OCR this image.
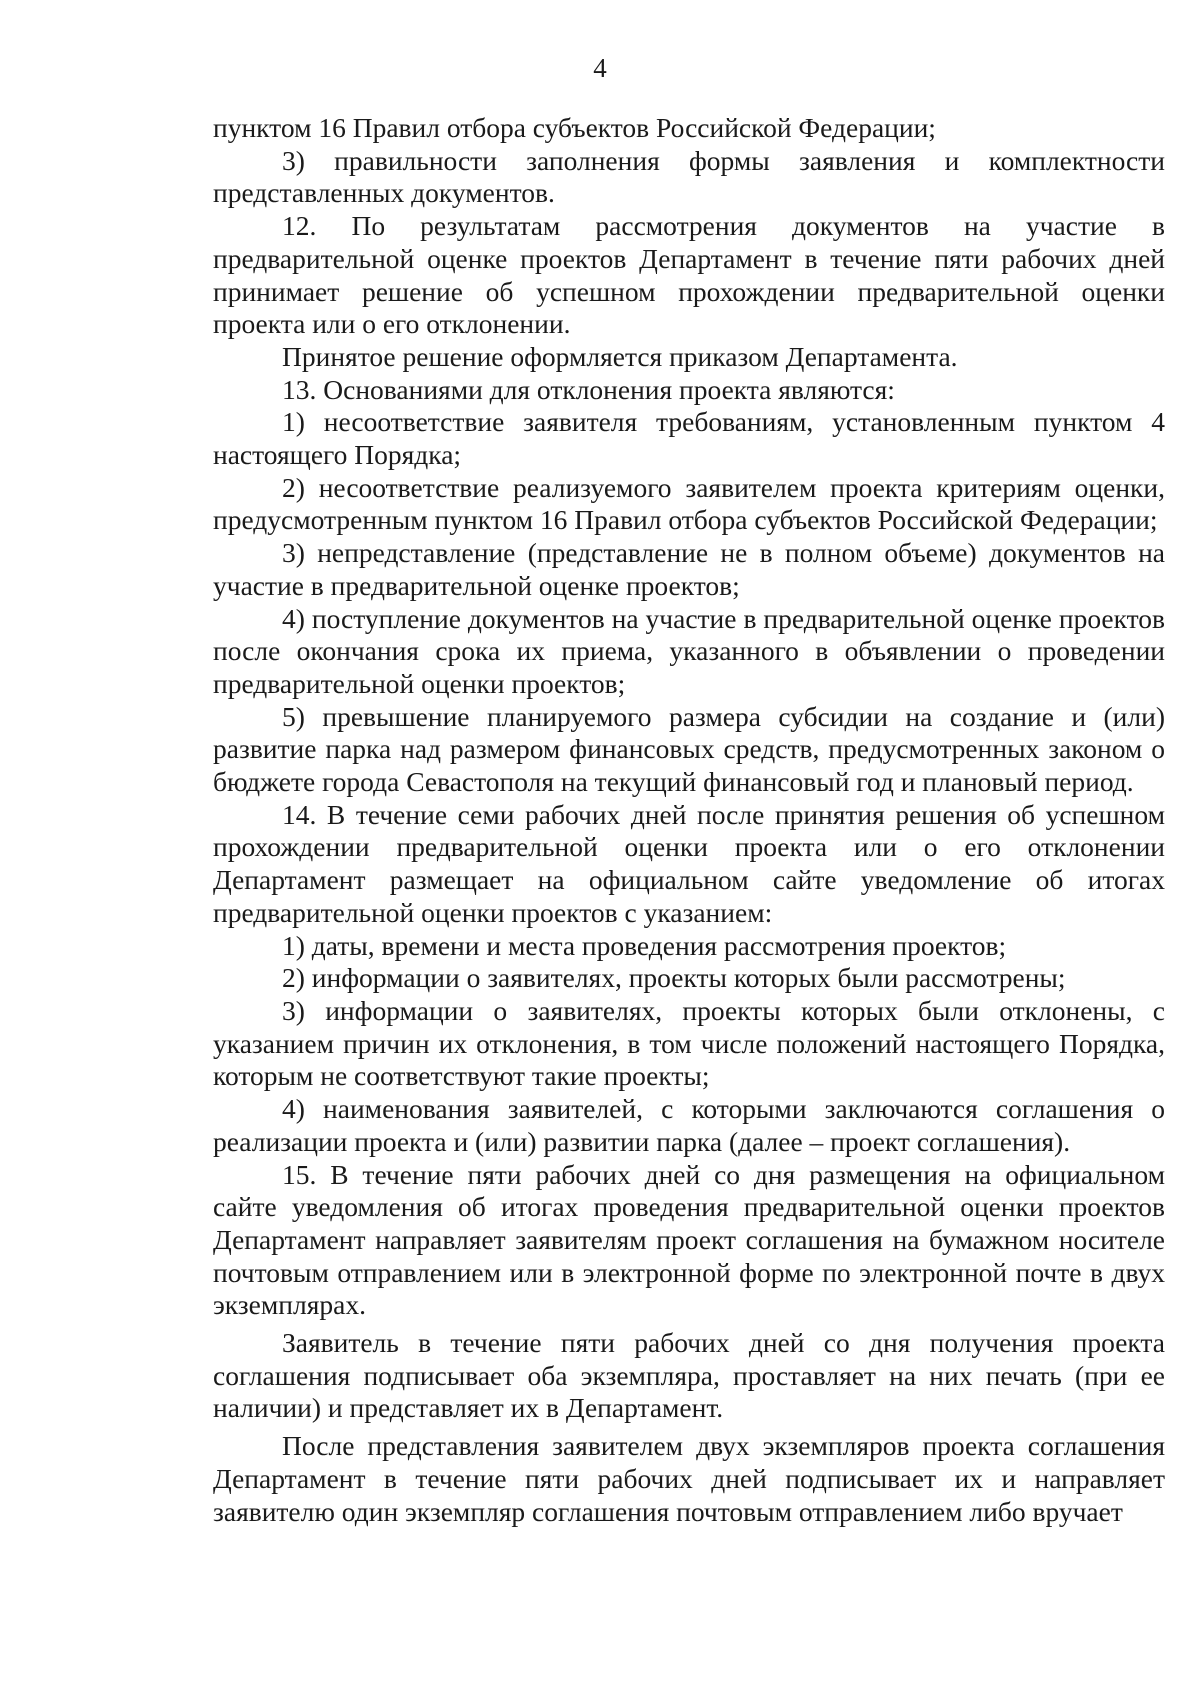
4

пунктом 16 Правил отбора субъектов Российской Федерации;

3) правильности заполнения формы заявления и комплектности представленных документов.

12. По результатам рассмотрения документов на участие в предварительной оценке проектов Департамент в течение пяти рабочих дней принимает решение об успешном прохождении предварительной оценки проекта или о его отклонении.

Принятое решение оформляется приказом Департамента.

13. Основаниями для отклонения проекта являются:

1) несоответствие заявителя требованиям, установленным пунктом 4 настоящего Порядка;

2) несоответствие реализуемого заявителем проекта критериям оценки, предусмотренным пунктом 16 Правил отбора субъектов Российской Федерации;

3) непредставление (представление не в полном объеме) документов на участие в предварительной оценке проектов;

4) поступление документов на участие в предварительной оценке проектов после окончания срока их приема, указанного в объявлении о проведении предварительной оценки проектов;

5) превышение планируемого размера субсидии на создание и (или) развитие парка над размером финансовых средств, предусмотренных законом о бюджете города Севастополя на текущий финансовый год и плановый период.

14. В течение семи рабочих дней после принятия решения об успешном прохождении предварительной оценки проекта или о его отклонении Департамент размещает на официальном сайте уведомление об итогах предварительной оценки проектов с указанием:

1) даты, времени и места проведения рассмотрения проектов;

2) информации о заявителях, проекты которых были рассмотрены;

3) информации о заявителях, проекты которых были отклонены, с указанием причин их отклонения, в том числе положений настоящего Порядка, которым не соответствуют такие проекты;

4) наименования заявителей, с которыми заключаются соглашения о реализации проекта и (или) развитии парка (далее – проект соглашения).

15. В течение пяти рабочих дней со дня размещения на официальном сайте уведомления об итогах проведения предварительной оценки проектов Департамент направляет заявителям проект соглашения на бумажном носителе почтовым отправлением или в электронной форме по электронной почте в двух экземплярах.

Заявитель в течение пяти рабочих дней со дня получения проекта соглашения подписывает оба экземпляра, проставляет на них печать (при ее наличии) и представляет их в Департамент.

После представления заявителем двух экземпляров проекта соглашения Департамент в течение пяти рабочих дней подписывает их и направляет заявителю один экземпляр соглашения почтовым отправлением либо вручает
